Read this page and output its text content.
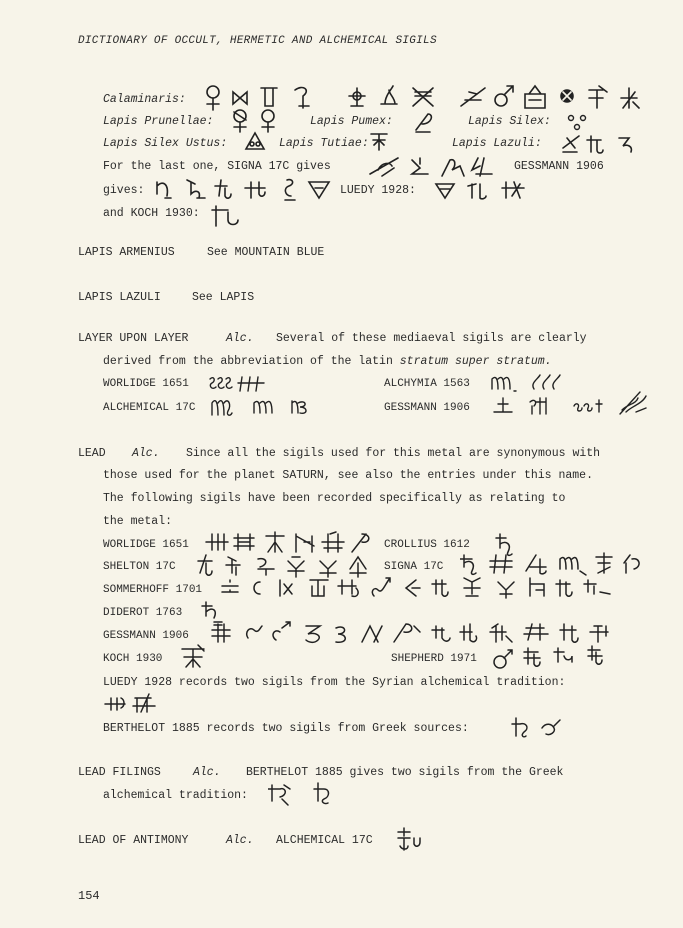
DICTIONARY OF OCCULT, HERMETIC AND ALCHEMICAL SIGILS
Calaminaris:
Lapis Prunellae:	Lapis Pumex:	Lapis Silex:
Lapis Silex Ustus:	Lapis Tutiae:	Lapis Lazuli:
For the last one, SIGNA 17C gives	GESSMANN 1906
gives:	LUEDY 1928:
and KOCH 1930:
LAPIS ARMENIUS	See MOUNTAIN BLUE
LAPIS LAZULI	See LAPIS
LAYER UPON LAYER	Alc. Several of these mediaeval sigils are clearly
derived from the abbreviation of the latin stratum super stratum.
WORLIDGE 1651	ALCHYMIA 1563
ALCHEMICAL 17C	GESSMANN 1906
LEAD Alc. Since all the sigils used for this metal are synonymous with
those used for the planet SATURN, see also the entries under this name.
The following sigils have been recorded specifically as relating to
the metal:
WORLIDGE 1651	CROLLIUS 1612
SHELTON 17C	SIGNA 17C
SOMMERHOFF 1701
DIDEROT 1763
GESSMANN 1906
KOCH 1930	SHEPHERD 1971
LUEDY 1928 records two sigils from the Syrian alchemical tradition:
BERTHELOT 1885 records two sigils from Greek sources:
LEAD FILINGS	Alc. BERTHELOT 1885 gives two sigils from the Greek
alchemical tradition:
LEAD OF ANTIMONY	Alc. ALCHEMICAL 17C
154
